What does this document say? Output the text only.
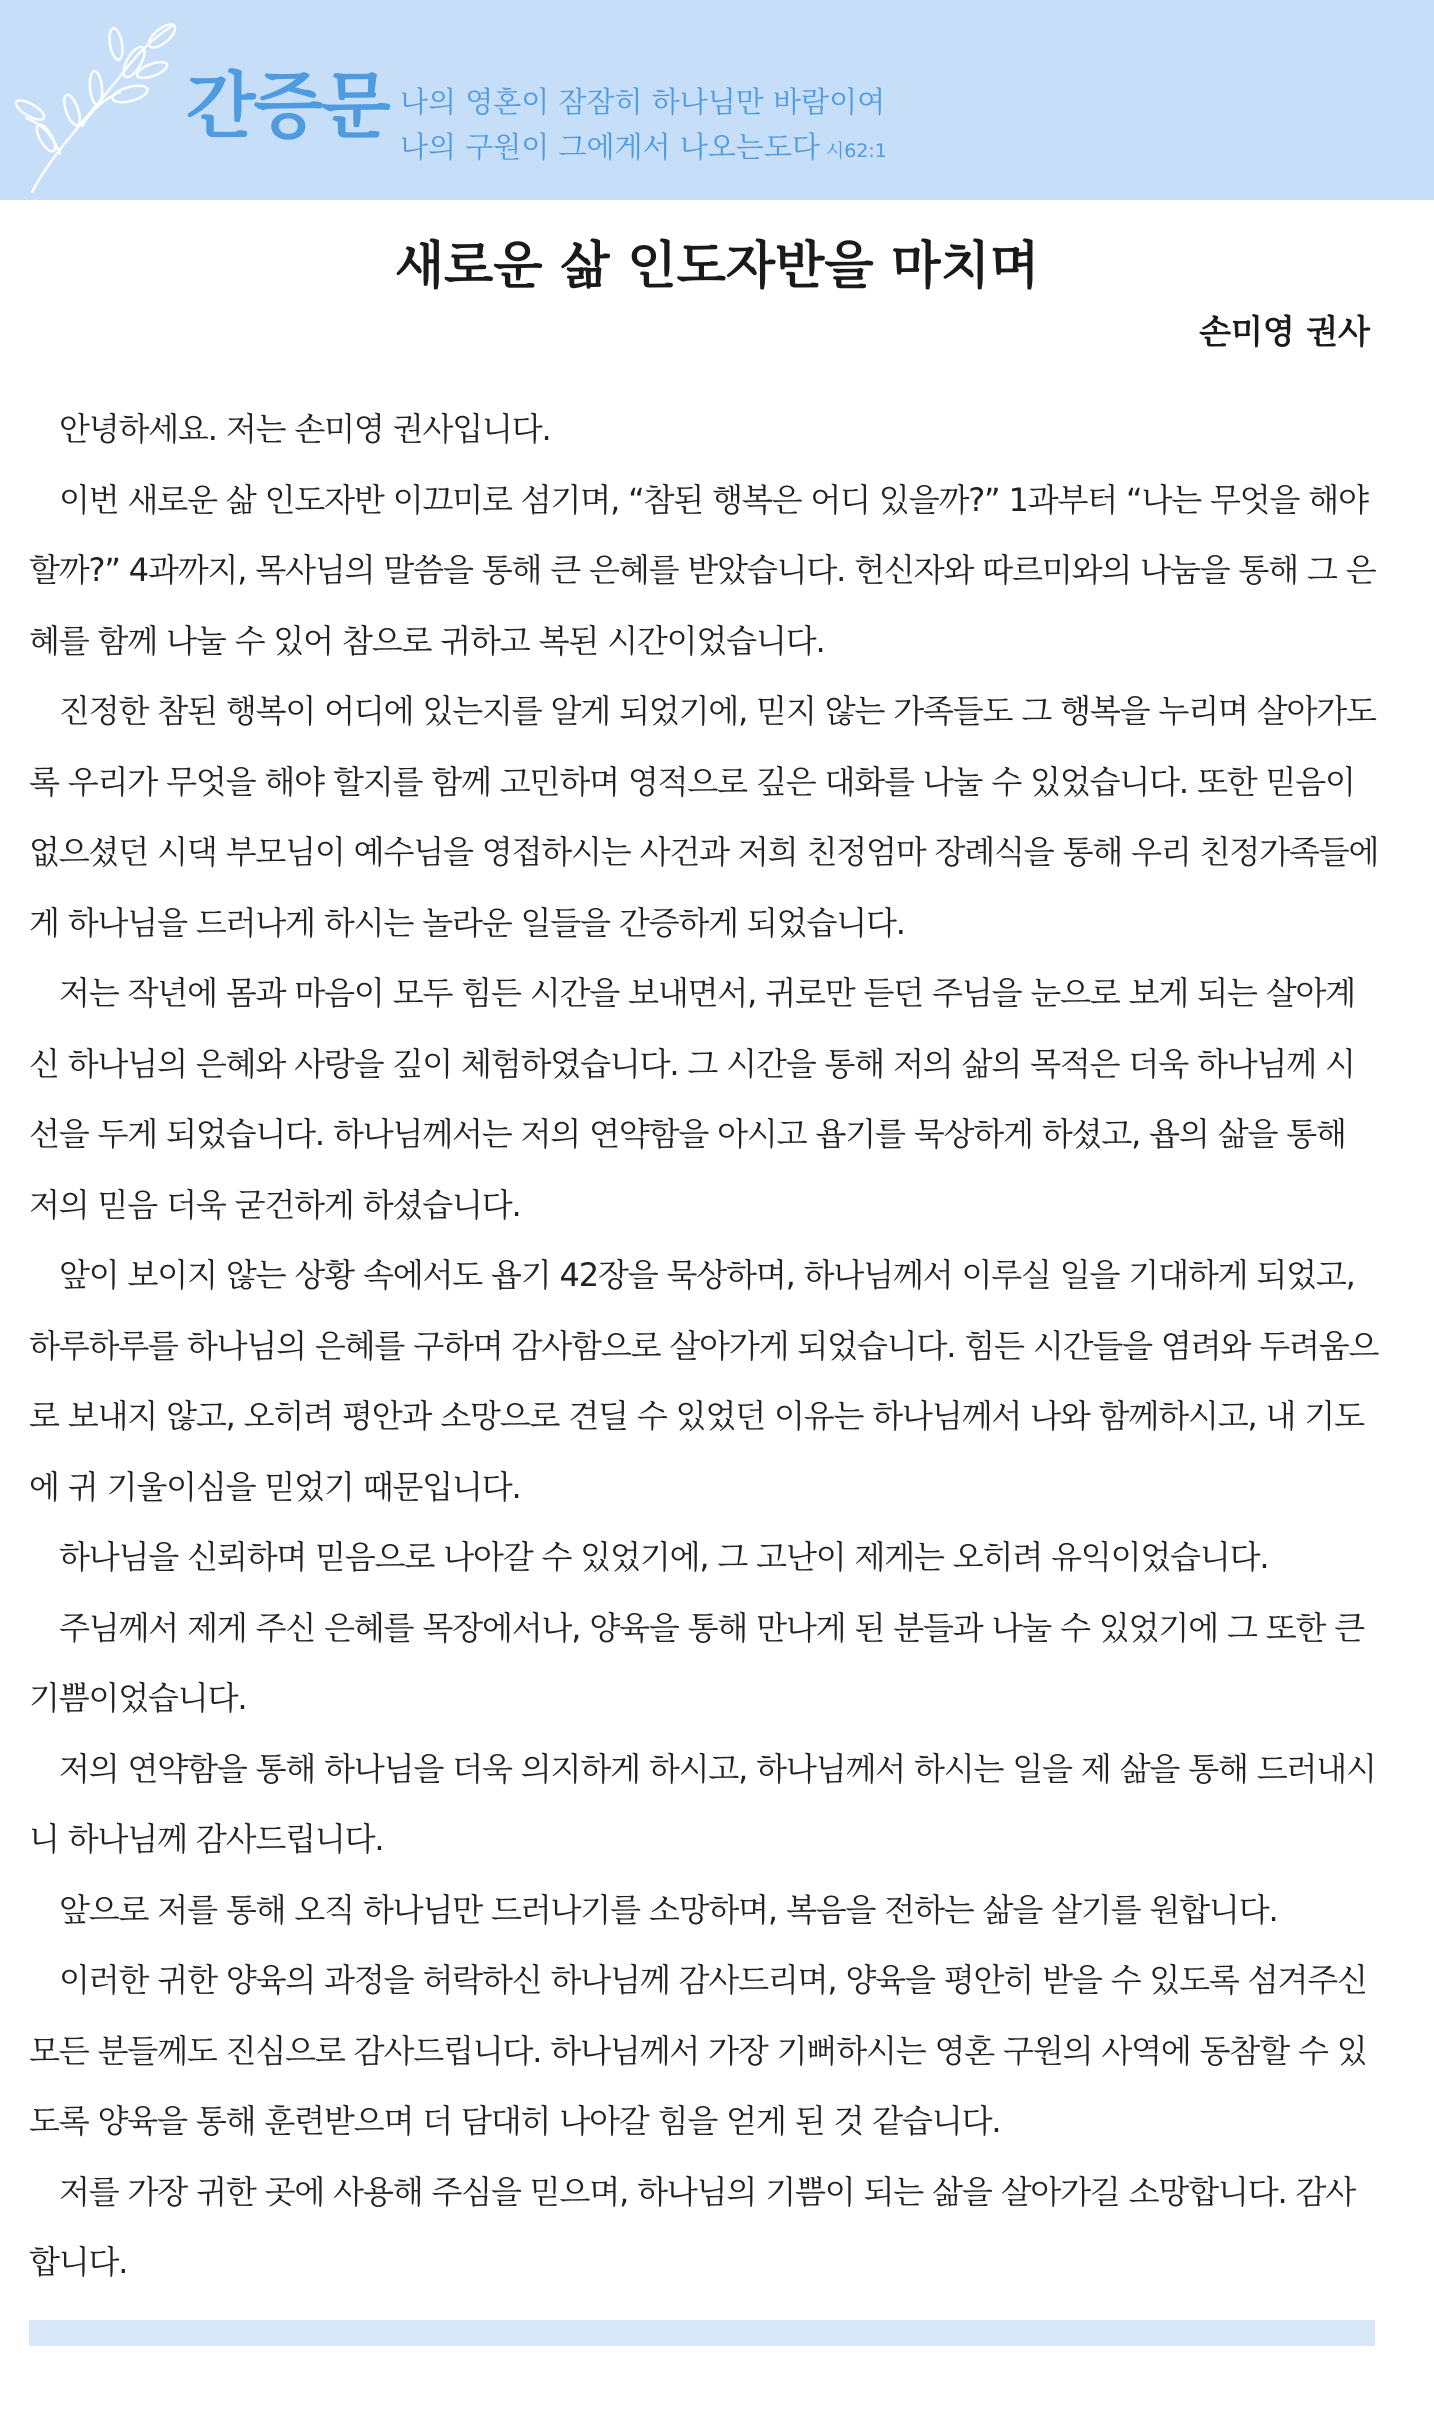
간증문 나의 영혼이 잠잠히 하나님만 바람이여
나의 구원이 그에게서 나오는도다 시62:1
새로운 삶 인도자반을 마치며
손미영 권사

안녕하세요. 저는 손미영 권사입니다.

이번 새로운 삶 인도자반 이끄미로 섬기며, “참된 행복은 어디 있을까?” 1과부터 “나는 무엇을 해야 할까?” 4과까지, 목사님의 말씀을 통해 큰 은혜를 받았습니다. 헌신자와 따르미와의 나눔을 통해 그 은혜를 함께 나눌 수 있어 참으로 귀하고 복된 시간이었습니다.

진정한 참된 행복이 어디에 있는지를 알게 되었기에, 믿지 않는 가족들도 그 행복을 누리며 살아가도록 우리가 무엇을 해야 할지를 함께 고민하며 영적으로 깊은 대화를 나눌 수 있었습니다. 또한 믿음이 없으셨던 시댁 부모님이 예수님을 영접하시는 사건과 저희 친정엄마 장례식을 통해 우리 친정가족들에게 하나님을 드러나게 하시는 놀라운 일들을 간증하게 되었습니다.

저는 작년에 몸과 마음이 모두 힘든 시간을 보내면서, 귀로만 듣던 주님을 눈으로 보게 되는 살아계신 하나님의 은혜와 사랑을 깊이 체험하였습니다. 그 시간을 통해 저의 삶의 목적은 더욱 하나님께 시선을 두게 되었습니다. 하나님께서는 저의 연약함을 아시고 욥기를 묵상하게 하셨고, 욥의 삶을 통해 저의 믿음 더욱 굳건하게 하셨습니다.

앞이 보이지 않는 상황 속에서도 욥기 42장을 묵상하며, 하나님께서 이루실 일을 기대하게 되었고, 하루하루를 하나님의 은혜를 구하며 감사함으로 살아가게 되었습니다. 힘든 시간들을 염려와 두려움으로 보내지 않고, 오히려 평안과 소망으로 견딜 수 있었던 이유는 하나님께서 나와 함께하시고, 내 기도에 귀 기울이심을 믿었기 때문입니다.

하나님을 신뢰하며 믿음으로 나아갈 수 있었기에, 그 고난이 제게는 오히려 유익이었습니다.

주님께서 제게 주신 은혜를 목장에서나, 양육을 통해 만나게 된 분들과 나눌 수 있었기에 그 또한 큰 기쁨이었습니다.

저의 연약함을 통해 하나님을 더욱 의지하게 하시고, 하나님께서 하시는 일을 제 삶을 통해 드러내시니 하나님께 감사드립니다.

앞으로 저를 통해 오직 하나님만 드러나기를 소망하며, 복음을 전하는 삶을 살기를 원합니다.

이러한 귀한 양육의 과정을 허락하신 하나님께 감사드리며, 양육을 평안히 받을 수 있도록 섬겨주신 모든 분들께도 진심으로 감사드립니다. 하나님께서 가장 기뻐하시는 영혼 구원의 사역에 동참할 수 있도록 양육을 통해 훈련받으며 더 담대히 나아갈 힘을 얻게 된 것 같습니다.

저를 가장 귀한 곳에 사용해 주심을 믿으며, 하나님의 기쁨이 되는 삶을 살아가길 소망합니다. 감사합니다.
